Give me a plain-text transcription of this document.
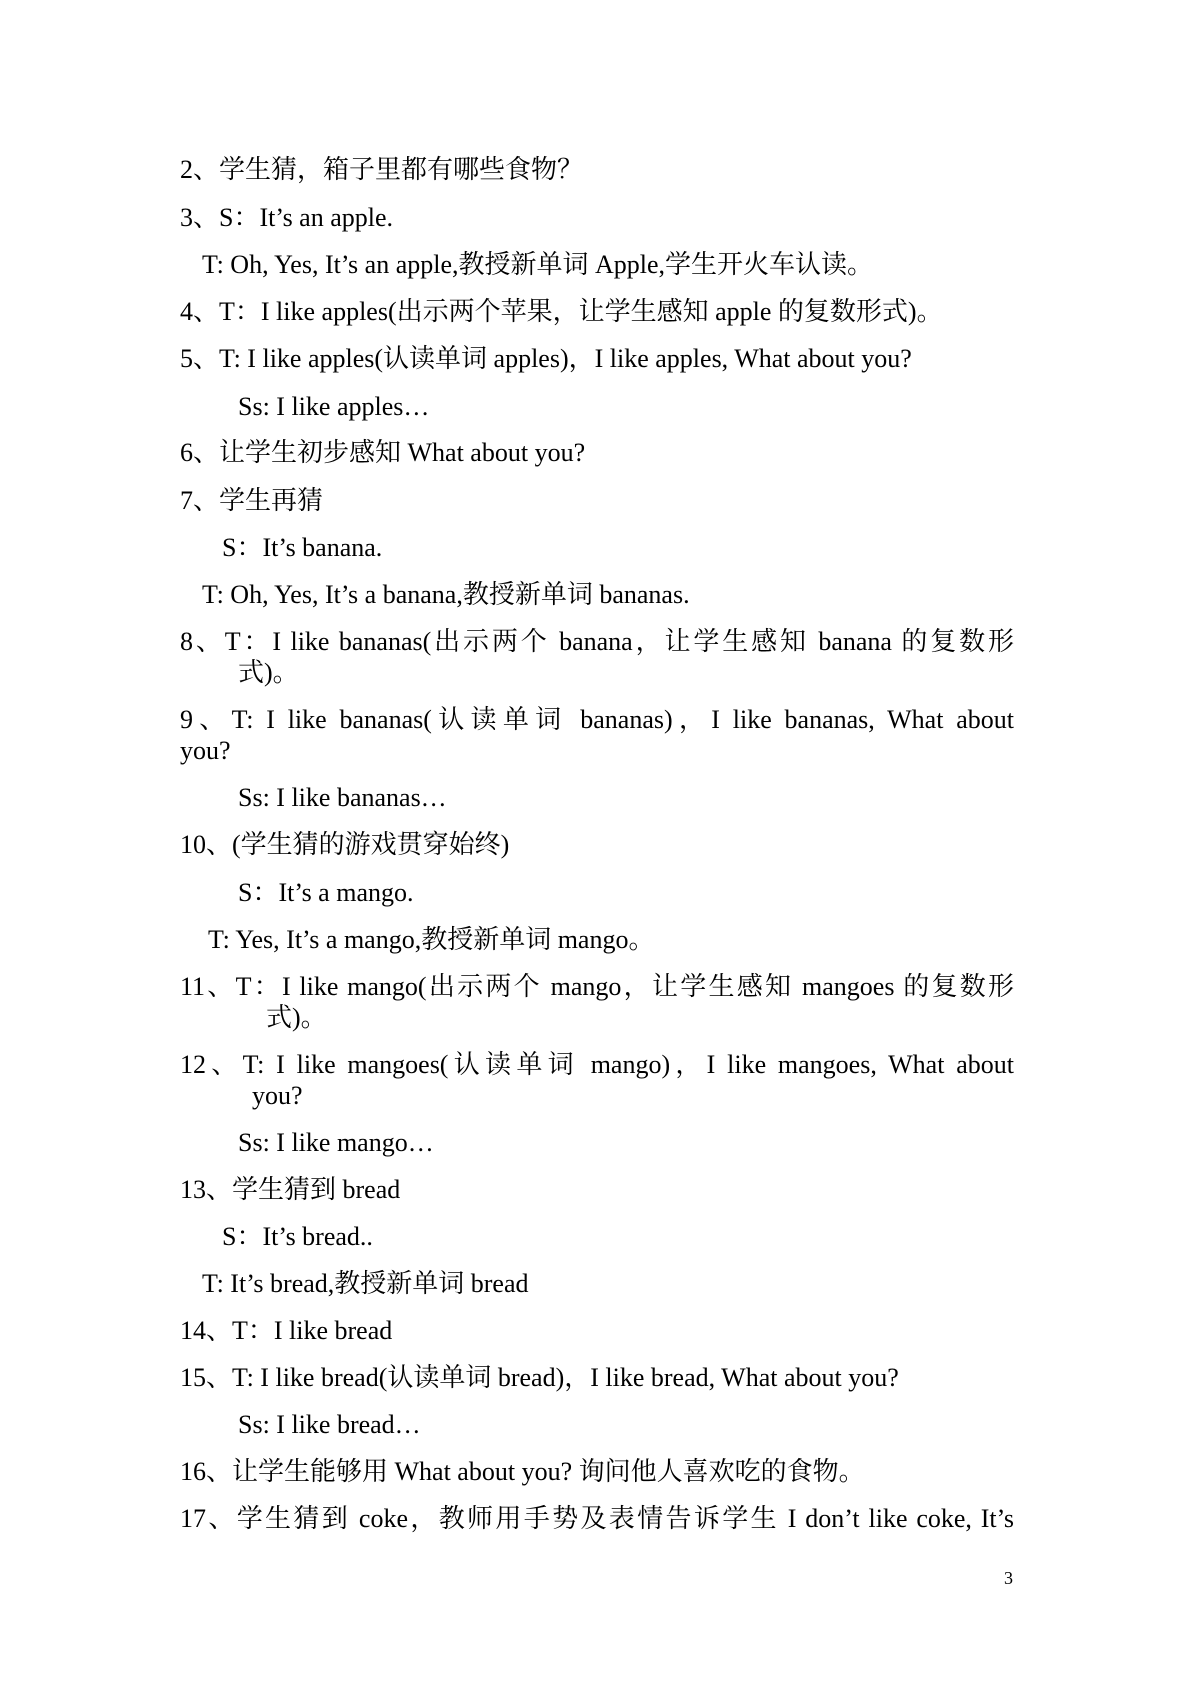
2、学生猜，箱子里都有哪些食物？
3、S：It’s an apple.
T: Oh, Yes, It’s an apple,教授新单词 Apple,学生开火车认读。
4、T：I like apples(出示两个苹果，让学生感知 apple 的复数形式)。
5、T: I like apples(认读单词 apples)，I like apples, What about you?
Ss: I like apples…
6、让学生初步感知 What about you?
7、学生再猜
S：It’s banana.
T: Oh, Yes, It’s a banana,教授新单词 bananas.
8、T：I like bananas(出示两个 banana，让学生感知 banana 的复数形
式)。
9、T: I like bananas(认读单词 bananas)，I like bananas, What about
you?
Ss: I like bananas…
10、(学生猜的游戏贯穿始终)
S：It’s a mango.
T: Yes, It’s a mango,教授新单词 mango。
11、T：I like mango(出示两个 mango，让学生感知 mangoes 的复数形
式)。
12、T: I like mangoes(认读单词 mango)，I like mangoes, What about
you?
Ss: I like mango…
13、学生猜到 bread
S：It’s bread..
T: It’s bread,教授新单词 bread
14、T：I like bread
15、T: I like bread(认读单词 bread)，I like bread, What about you?
Ss: I like bread…
16、让学生能够用 What about you? 询问他人喜欢吃的食物。
17、学生猜到 coke，教师用手势及表情告诉学生 I don’t like coke, It’s
3
